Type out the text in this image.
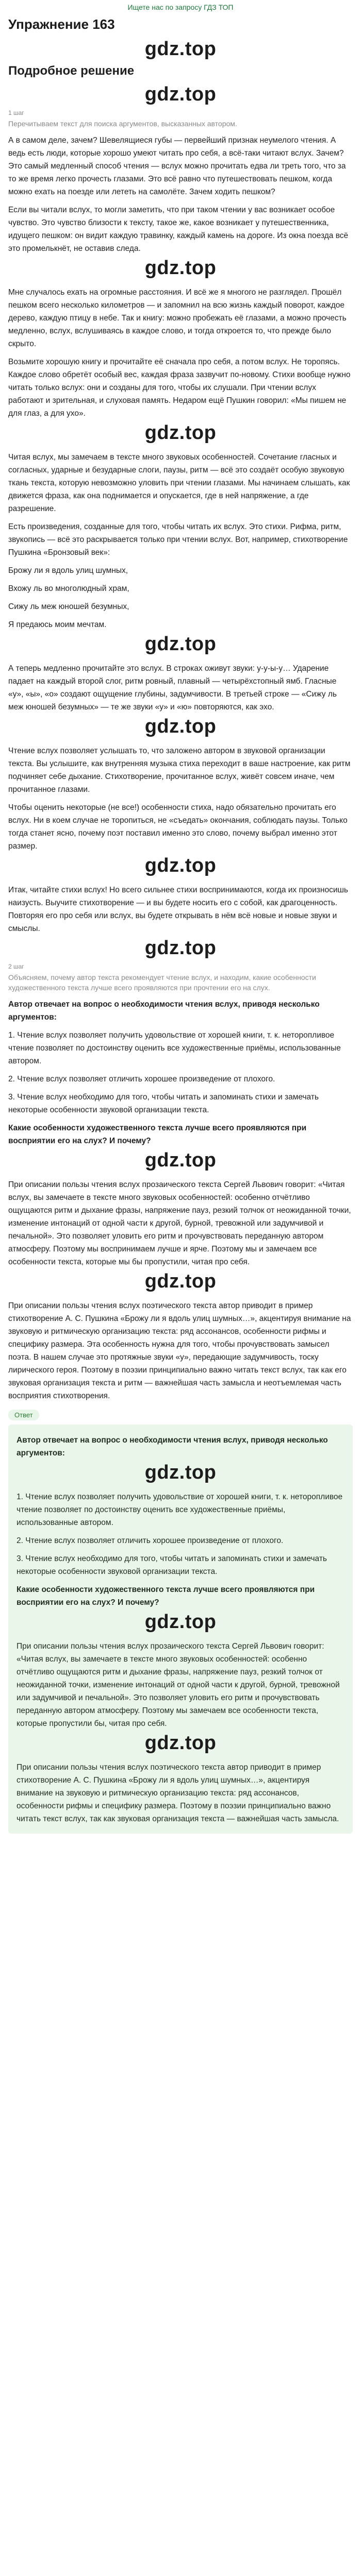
Ищете нас по запросу ГДЗ ТОП
Упражнение 163
gdz.top
Подробное решение
gdz.top
1 шаг
Перечитываем текст для поиска аргументов, высказанных автором.

А в самом деле, зачем? Шевелящиеся губы — первейший признак неумелого чтения. А ведь есть люди, которые хорошо умеют читать про себя, а всё-таки читают вслух. Зачем? Это самый медленный способ чтения — вслух можно прочитать едва ли треть того, что за то же время легко прочесть глазами. Это всё равно что путешествовать пешком, когда можно ехать на поезде или лететь на самолёте. Зачем ходить пешком?

Если вы читали вслух, то могли заметить, что при таком чтении у вас возникает особое чувство. Это чувство близости к тексту, такое же, какое возникает у путешественника, идущего пешком: он видит каждую травинку, каждый камень на дороге. Из окна поезда всё это промелькнёт, не оставив следа.

gdz.top

Мне случалось ехать на огромные расстояния. И всё же я многого не разглядел. Прошёл пешком всего несколько километров — и запомнил на всю жизнь каждый поворот, каждое дерево, каждую птицу в небе. Так и книгу: можно пробежать её глазами, а можно прочесть медленно, вслух, вслушиваясь в каждое слово, и тогда откроется то, что прежде было скрыто.

Возьмите хорошую книгу и прочитайте её сначала про себя, а потом вслух. Не торопясь. Каждое слово обретёт особый вес, каждая фраза зазвучит по-новому. Стихи вообще нужно читать только вслух: они и созданы для того, чтобы их слушали. При чтении вслух работают и зрительная, и слуховая память. Недаром ещё Пушкин говорил: «Мы пишем не для глаз, а для ухо».

gdz.top

Читая вслух, мы замечаем в тексте много звуковых особенностей. Сочетание гласных и согласных, ударные и безударные слоги, паузы, ритм — всё это создаёт особую звуковую ткань текста, которую невозможно уловить при чтении глазами. Мы начинаем слышать, как движется фраза, как она поднимается и опускается, где в ней напряжение, а где разрешение.

Есть произведения, созданные для того, чтобы читать их вслух. Это стихи. Рифма, ритм, звукопись — всё это раскрывается только при чтении вслух. Вот, например, стихотворение Пушкина «Бронзовый век»:

Брожу ли я вдоль улиц шумных,

Вхожу ль во многолюдный храм,

Сижу ль меж юношей безумных,

Я предаюсь моим мечтам.

gdz.top

А теперь медленно прочитайте это вслух. В строках оживут звуки: у-у-ы-у… Ударение падает на каждый второй слог, ритм ровный, плавный — четырёхстопный ямб. Гласные «у», «ы», «о» создают ощущение глубины, задумчивости. В третьей строке — «Сижу ль меж юношей безумных» — те же звуки «у» и «ю» повторяются, как эхо.

gdz.top

Чтение вслух позволяет услышать то, что заложено автором в звуковой организации текста. Вы услышите, как внутренняя музыка стиха переходит в ваше настроение, как ритм подчиняет себе дыхание. Стихотворение, прочитанное вслух, живёт совсем иначе, чем прочитанное глазами.

Чтобы оценить некоторые (не все!) особенности стиха, надо обязательно прочитать его вслух. Ни в коем случае не торопиться, не «съедать» окончания, соблюдать паузы. Только тогда станет ясно, почему поэт поставил именно это слово, почему выбрал именно этот размер.

gdz.top

Итак, читайте стихи вслух! Но всего сильнее стихи воспринимаются, когда их произносишь наизусть. Выучите стихотворение — и вы будете носить его с собой, как драгоценность. Повторяя его про себя или вслух, вы будете открывать в нём всё новые и новые звуки и смыслы.

gdz.top
2 шаг
Объясняем, почему автор текста рекомендует чтение вслух, и находим, какие особенности художественного текста лучше всего проявляются при прочтении его на слух.

Автор отвечает на вопрос о необходимости чтения вслух, приводя несколько аргументов:

1. Чтение вслух позволяет получить удовольствие от хорошей книги, т. к. неторопливое чтение позволяет по достоинству оценить все художественные приёмы, использованные автором.

2. Чтение вслух позволяет отличить хорошее произведение от плохого.

3. Чтение вслух необходимо для того, чтобы читать и запоминать стихи и замечать некоторые особенности звуковой организации текста.

Какие особенности художественного текста лучше всего проявляются при восприятии его на слух? И почему?

gdz.top

При описании пользы чтения вслух прозаического текста Сергей Львович говорит: «Читая вслух, вы замечаете в тексте много звуковых особенностей: особенно отчётливо ощущаются ритм и дыхание фразы, напряжение пауз, резкий толчок от неожиданной точки, изменение интонаций от одной части к другой, бурной, тревожной или задумчивой и печальной». Это позволяет уловить его ритм и прочувствовать переданную автором атмосферу. Поэтому мы воспринимаем лучше и ярче. Поэтому мы и замечаем все особенности текста, которые мы бы пропустили, читая про себя.

gdz.top

При описании пользы чтения вслух поэтического текста автор приводит в пример стихотворение А. С. Пушкина «Брожу ли я вдоль улиц шумных…», акцентируя внимание на звуковую и ритмическую организацию текста: ряд ассонансов, особенности рифмы и специфику размера. Эта особенность нужна для того, чтобы прочувствовать замысел поэта. В нашем случае это протяжные звуки «у», передающие задумчивость, тоску лирического героя. Поэтому в поэзии принципиально важно читать текст вслух, так как его звуковая организация текста и ритм — важнейшая часть замысла и неотъемлемая часть восприятия стихотворения.

Ответ

Автор отвечает на вопрос о необходимости чтения вслух, приводя несколько аргументов:

gdz.top

1. Чтение вслух позволяет получить удовольствие от хорошей книги, т. к. неторопливое чтение позволяет по достоинству оценить все художественные приёмы, использованные автором.

2. Чтение вслух позволяет отличить хорошее произведение от плохого.

3. Чтение вслух необходимо для того, чтобы читать и запоминать стихи и замечать некоторые особенности звуковой организации текста.

Какие особенности художественного текста лучше всего проявляются при восприятии его на слух? И почему?

gdz.top

При описании пользы чтения вслух прозаического текста Сергей Львович говорит: «Читая вслух, вы замечаете в тексте много звуковых особенностей: особенно отчётливо ощущаются ритм и дыхание фразы, напряжение пауз, резкий толчок от неожиданной точки, изменение интонаций от одной части к другой, бурной, тревожной или задумчивой и печальной». Это позволяет уловить его ритм и прочувствовать переданную автором атмосферу. Поэтому мы замечаем все особенности текста, которые пропустили бы, читая про себя.

gdz.top

При описании пользы чтения вслух поэтического текста автор приводит в пример стихотворение А. С. Пушкина «Брожу ли я вдоль улиц шумных…», акцентируя внимание на звуковую и ритмическую организацию текста: ряд ассонансов, особенности рифмы и специфику размера. Поэтому в поэзии принципиально важно читать текст вслух, так как звуковая организация текста — важнейшая часть замысла.
